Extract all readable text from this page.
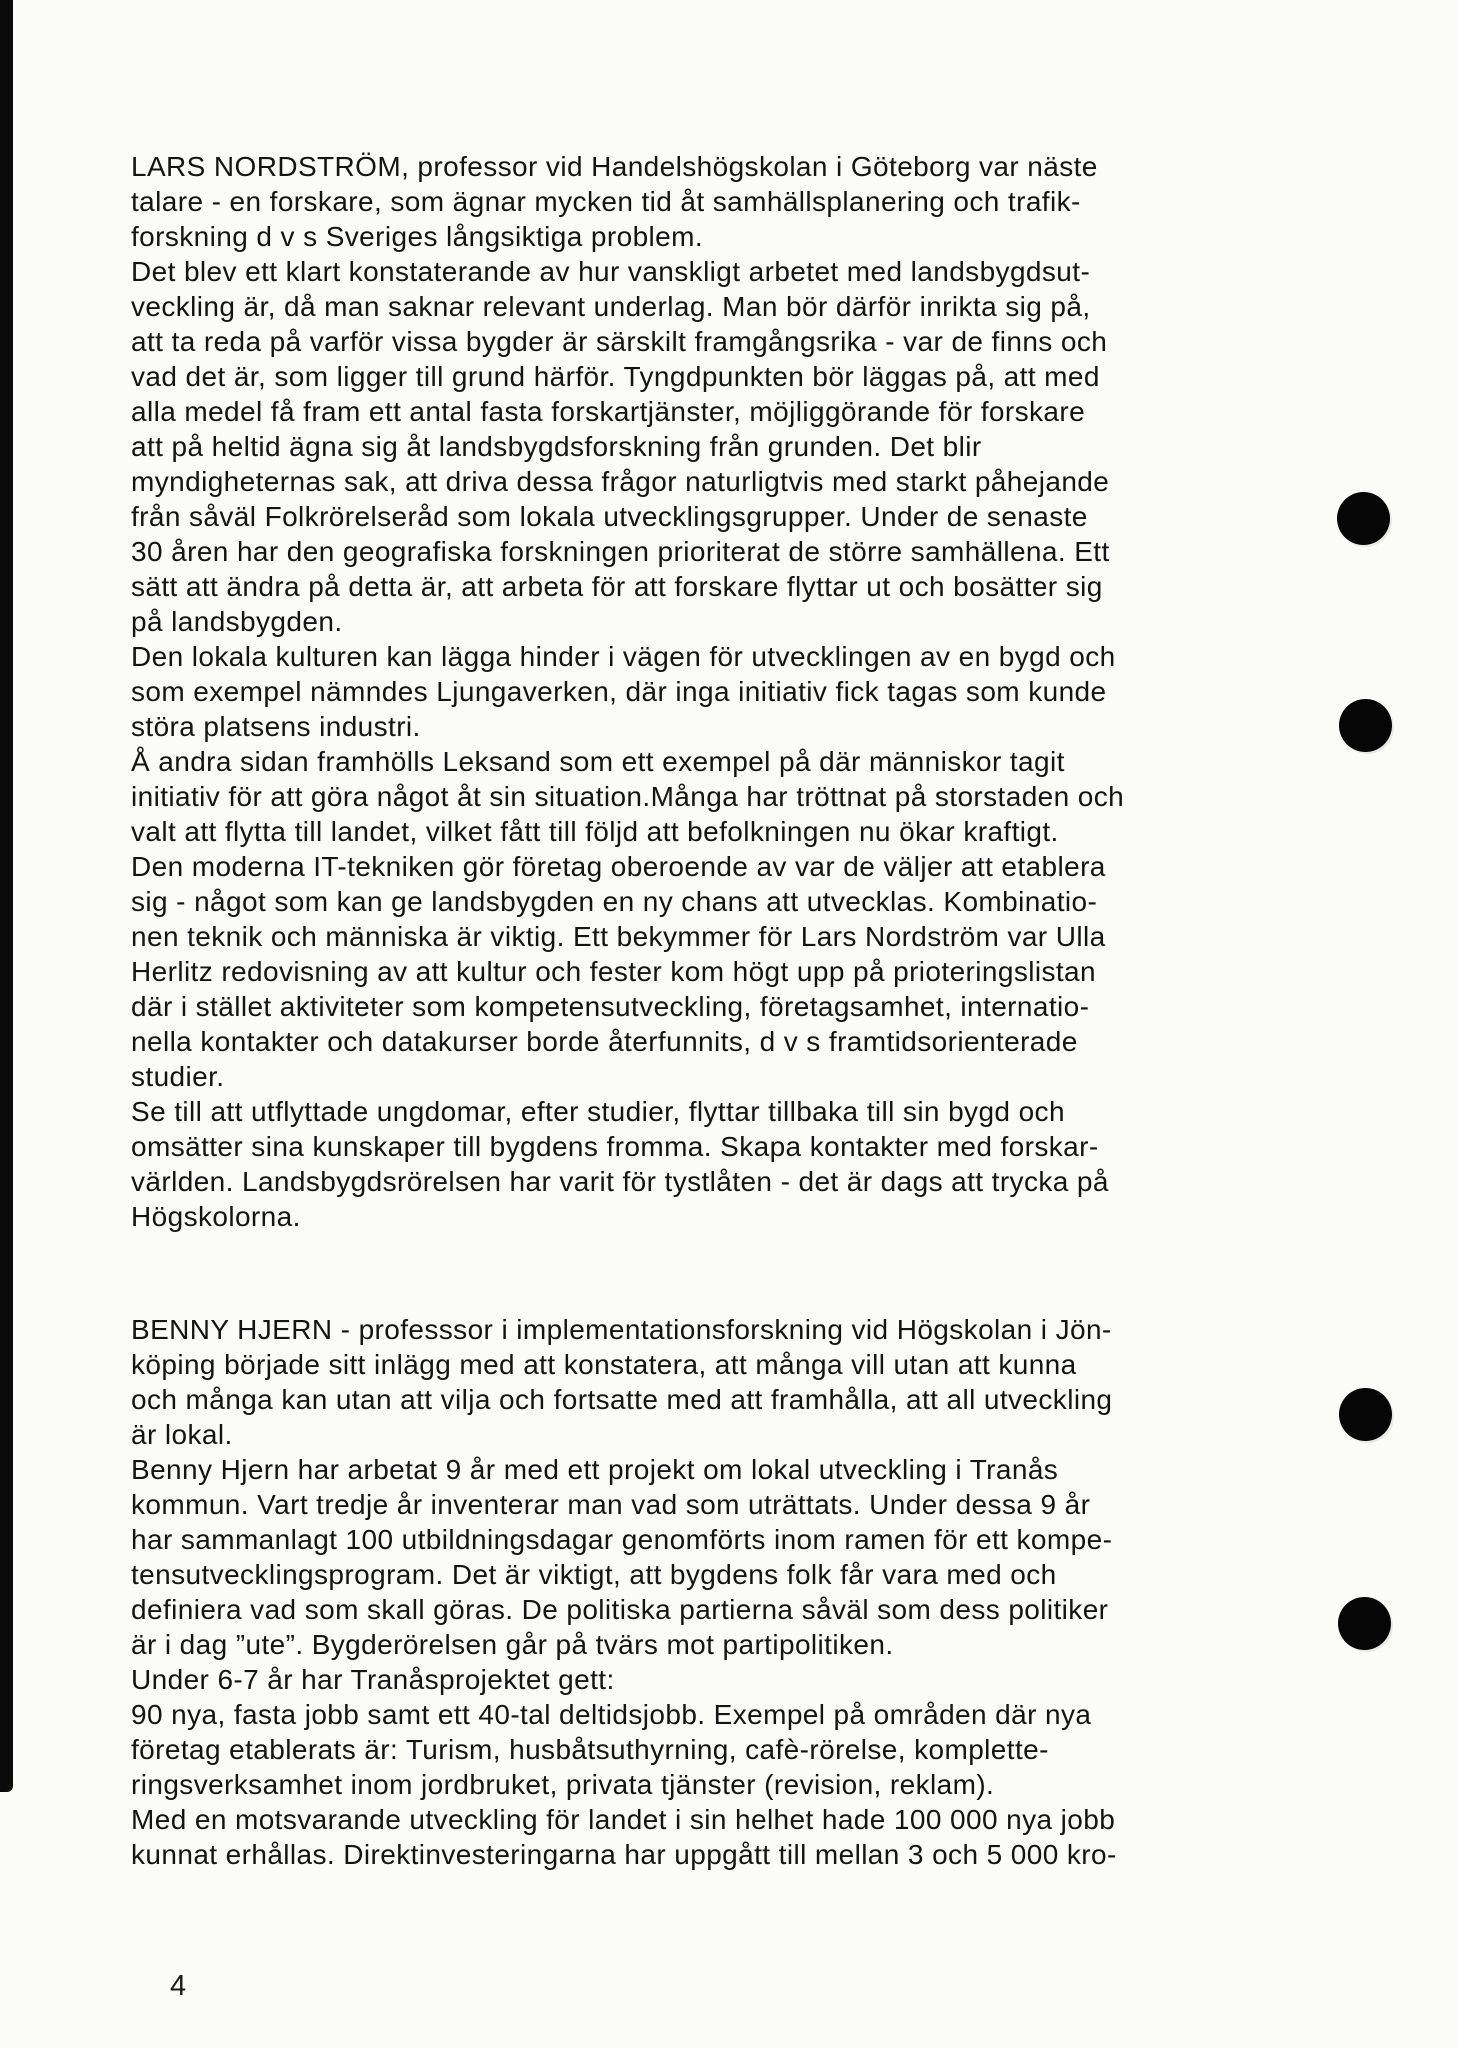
LARS NORDSTRÖM, professor vid Handelshögskolan i Göteborg var näste
talare - en forskare, som ägnar mycken tid åt samhällsplanering och trafik-
forskning d v s Sveriges långsiktiga problem.
Det blev ett klart konstaterande av hur vanskligt arbetet med landsbygdsut-
veckling är, då man saknar relevant underlag. Man bör därför inrikta sig på,
att ta reda på varför vissa bygder är särskilt framgångsrika - var de finns och
vad det är, som ligger till grund härför. Tyngdpunkten bör läggas på, att med
alla medel få fram ett antal fasta forskartjänster, möjliggörande för forskare
att på heltid ägna sig åt landsbygdsforskning från grunden. Det blir
myndigheternas sak, att driva dessa frågor naturligtvis med starkt påhejande
från såväl Folkrörelseråd som lokala utvecklingsgrupper. Under de senaste
30 åren har den geografiska forskningen prioriterat de större samhällena. Ett
sätt att ändra på detta är, att arbeta för att forskare flyttar ut och bosätter sig
på landsbygden.
Den lokala kulturen kan lägga hinder i vägen för utvecklingen av en bygd och
som exempel nämndes Ljungaverken, där inga initiativ fick tagas som kunde
störa platsens industri.
Å andra sidan framhölls Leksand som ett exempel på där människor tagit
initiativ för att göra något åt sin situation.Många har tröttnat på storstaden och
valt att flytta till landet, vilket fått till följd att befolkningen nu ökar kraftigt.
Den moderna IT-tekniken gör företag oberoende av var de väljer att etablera
sig - något som kan ge landsbygden en ny chans att utvecklas. Kombinatio-
nen teknik och människa är viktig. Ett bekymmer för Lars Nordström var Ulla
Herlitz redovisning av att kultur och fester kom högt upp på prioteringslistan
där i stället aktiviteter som kompetensutveckling, företagsamhet, internatio-
nella kontakter och datakurser borde återfunnits, d v s framtidsorienterade
studier.
Se till att utflyttade ungdomar, efter studier, flyttar tillbaka till sin bygd och
omsätter sina kunskaper till bygdens fromma. Skapa kontakter med forskar-
världen. Landsbygdsrörelsen har varit för tystlåten - det är dags att trycka på
Högskolorna.
BENNY HJERN - professsor i implementationsforskning vid Högskolan i Jön-
köping började sitt inlägg med att konstatera, att många vill utan att kunna
och många kan utan att vilja och fortsatte med att framhålla, att all utveckling
är lokal.
Benny Hjern har arbetat 9 år med ett projekt om lokal utveckling i Tranås
kommun. Vart tredje år inventerar man vad som uträttats. Under dessa 9 år
har sammanlagt 100 utbildningsdagar genomförts inom ramen för ett kompe-
tensutvecklingsprogram. Det är viktigt, att bygdens folk får vara med och
definiera vad som skall göras. De politiska partierna såväl som dess politiker
är i dag ”ute”. Bygderörelsen går på tvärs mot partipolitiken.
Under 6-7 år har Tranåsprojektet gett:
90 nya, fasta jobb samt ett 40-tal deltidsjobb. Exempel på områden där nya
företag etablerats är: Turism, husbåtsuthyrning, cafè-rörelse, komplette-
ringsverksamhet inom jordbruket, privata tjänster (revision, reklam).
Med en motsvarande utveckling för landet i sin helhet hade 100 000 nya jobb
kunnat erhållas. Direktinvesteringarna har uppgått till mellan 3 och 5 000 kro-
4
